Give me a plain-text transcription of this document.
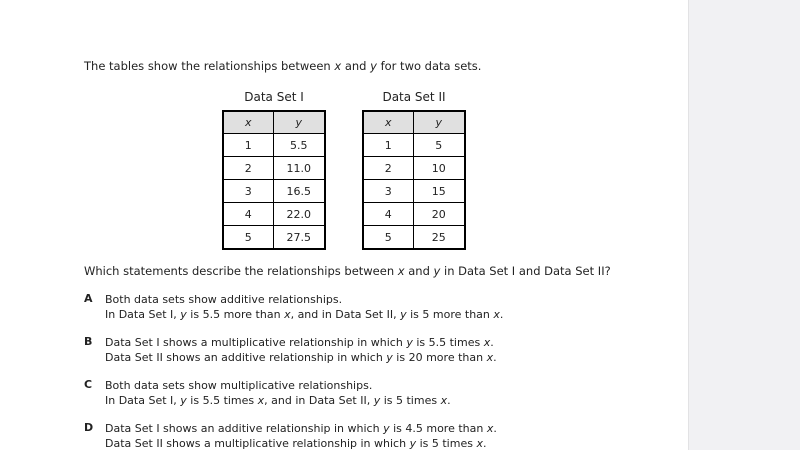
The tables show the relationships between x and y for two data sets.
Data Set I
x	y
1	5.5
2	11.0
3	16.5
4	22.0
5	27.5
Data Set II
x	y
1	5
2	10
3	15
4	20
5	25
Which statements describe the relationships between x and y in Data Set I and Data Set II?
A	Both data sets show additive relationships.
In Data Set I, y is 5.5 more than x, and in Data Set II, y is 5 more than x.
B	Data Set I shows a multiplicative relationship in which y is 5.5 times x.
Data Set II shows an additive relationship in which y is 20 more than x.
C	Both data sets show multiplicative relationships.
In Data Set I, y is 5.5 times x, and in Data Set II, y is 5 times x.
D	Data Set I shows an additive relationship in which y is 4.5 more than x.
Data Set II shows a multiplicative relationship in which y is 5 times x.
